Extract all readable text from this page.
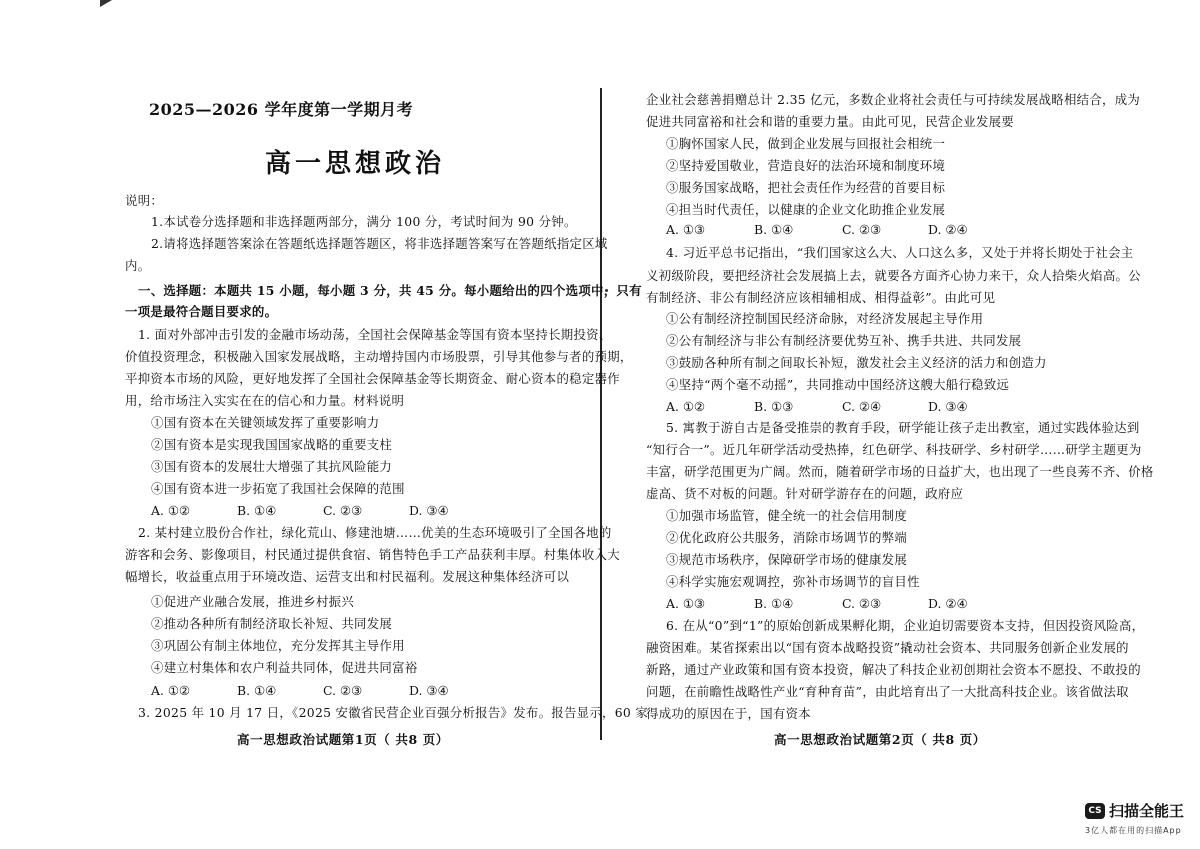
2025—2026 学年度第一学期月考
高一思想政治
说明：
1.本试卷分选择题和非选择题两部分，满分 100 分，考试时间为 90 分钟。
2.请将选择题答案涂在答题纸选择题答题区，将非选择题答案写在答题纸指定区域
内。
一、选择题：本题共 15 小题，每小题 3 分，共 45 分。每小题给出的四个选项中，只有
一项是最符合题目要求的。
1. 面对外部冲击引发的金融市场动荡，全国社会保障基金等国有资本坚持长期投资、
价值投资理念，积极融入国家发展战略，主动增持国内市场股票，引导其他参与者的预期，
平抑资本市场的风险，更好地发挥了全国社会保障基金等长期资金、耐心资本的稳定器作
用，给市场注入实实在在的信心和力量。材料说明
①国有资本在关键领域发挥了重要影响力
②国有资本是实现我国国家战略的重要支柱
③国有资本的发展壮大增强了其抗风险能力
④国有资本进一步拓宽了我国社会保障的范围
A. ①②	B. ①④	C. ②③	D. ③④
2. 某村建立股份合作社，绿化荒山、修建池塘……优美的生态环境吸引了全国各地的
游客和会务、影像项目，村民通过提供食宿、销售特色手工产品获利丰厚。村集体收入大
幅增长，收益重点用于环境改造、运营支出和村民福利。发展这种集体经济可以
①促进产业融合发展，推进乡村振兴
②推动各种所有制经济取长补短、共同发展
③巩固公有制主体地位，充分发挥其主导作用
④建立村集体和农户利益共同体，促进共同富裕
A. ①②	B. ①④	C. ②③	D. ③④
3. 2025 年 10 月 17 日，《2025 安徽省民营企业百强分析报告》发布。报告显示，60 家
高一思想政治试题第1页（ 共8 页）
企业社会慈善捐赠总计 2.35 亿元，多数企业将社会责任与可持续发展战略相结合，成为
促进共同富裕和社会和谐的重要力量。由此可见，民营企业发展要
①胸怀国家人民，做到企业发展与回报社会相统一
②坚持爱国敬业，营造良好的法治环境和制度环境
③服务国家战略，把社会责任作为经营的首要目标
④担当时代责任，以健康的企业文化助推企业发展
A. ①③	B. ①④	C. ②③	D. ②④
4. 习近平总书记指出，“我们国家这么大、人口这么多，又处于并将长期处于社会主
义初级阶段，要把经济社会发展搞上去，就要各方面齐心协力来干，众人拾柴火焰高。公
有制经济、非公有制经济应该相辅相成、相得益彰”。由此可见
①公有制经济控制国民经济命脉，对经济发展起主导作用
②公有制经济与非公有制经济要优势互补、携手共进、共同发展
③鼓励各种所有制之间取长补短，激发社会主义经济的活力和创造力
④坚持“两个毫不动摇”，共同推动中国经济这艘大船行稳致远
A. ①②	B. ①③	C. ②④	D. ③④
5. 寓教于游自古是备受推崇的教育手段，研学能让孩子走出教室，通过实践体验达到
“知行合一”。近几年研学活动受热捧，红色研学、科技研学、乡村研学……研学主题更为
丰富，研学范围更为广阔。然而，随着研学市场的日益扩大，也出现了一些良莠不齐、价格
虚高、货不对板的问题。针对研学游存在的问题，政府应
①加强市场监管，健全统一的社会信用制度
②优化政府公共服务，消除市场调节的弊端
③规范市场秩序，保障研学市场的健康发展
④科学实施宏观调控，弥补市场调节的盲目性
A. ①③	B. ①④	C. ②③	D. ②④
6. 在从“0”到“1”的原始创新成果孵化期，企业迫切需要资本支持，但因投资风险高，
融资困难。某省探索出以“国有资本战略投资”撬动社会资本、共同服务创新企业发展的
新路，通过产业政策和国有资本投资，解决了科技企业初创期社会资本不愿投、不敢投的
问题，在前瞻性战略性产业“育种育苗”，由此培育出了一大批高科技企业。该省做法取
得成功的原因在于，国有资本
高一思想政治试题第2页（ 共8 页）
CS 扫描全能王
3亿人都在用的扫描App
